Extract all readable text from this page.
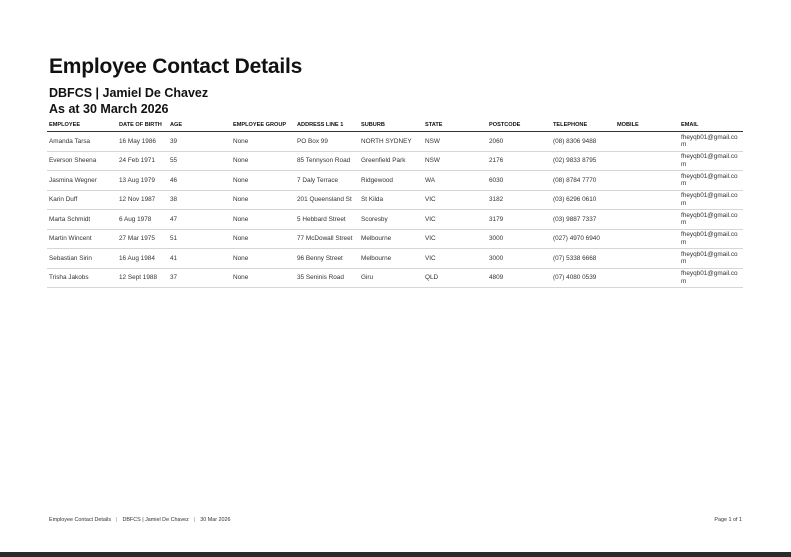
Employee Contact Details
DBFCS | Jamiel De Chavez
As at 30 March 2026
EMPLOYEE	DATE OF BIRTH	AGE	EMPLOYEE GROUP	ADDRESS LINE 1	SUBURB	STATE	POSTCODE	TELEPHONE	MOBILE	EMAIL
Amanda Tarsa	16 May 1986	39	None	PO Box 99	NORTH SYDNEY	NSW	2060	(08) 8306 9488		fheyqb01@gmail.com
Everson Sheena	24 Feb 1971	55	None	85 Tennyson Road	Greenfield Park	NSW	2176	(02) 9833 8795		fheyqb01@gmail.com
Jasmina Wegner	13 Aug 1979	46	None	7 Daly Terrace	Ridgewood	WA	6030	(08) 8784 7770		fheyqb01@gmail.com
Karin Duff	12 Nov 1987	38	None	201 Queensland St	St Kilda	VIC	3182	(03) 6296 0610		fheyqb01@gmail.com
Marta Schmidt	6 Aug 1978	47	None	5 Hebbard Street	Scoresby	VIC	3179	(03) 9887 7337		fheyqb01@gmail.com
Martin Wincent	27 Mar 1975	51	None	77 McDowall Street	Melbourne	VIC	3000	(027) 4970 6940		fheyqb01@gmail.com
Sebastian Sirin	16 Aug 1984	41	None	96 Benny Street	Melbourne	VIC	3000	(07) 5338 6668		fheyqb01@gmail.com
Trisha Jakobs	12 Sept 1988	37	None	35 Seninis Road	Giru	QLD	4809	(07) 4080 0539		fheyqb01@gmail.com
Employee Contact Details | DBFCS | Jamiel De Chavez | 30 Mar 2026	Page 1 of 1
